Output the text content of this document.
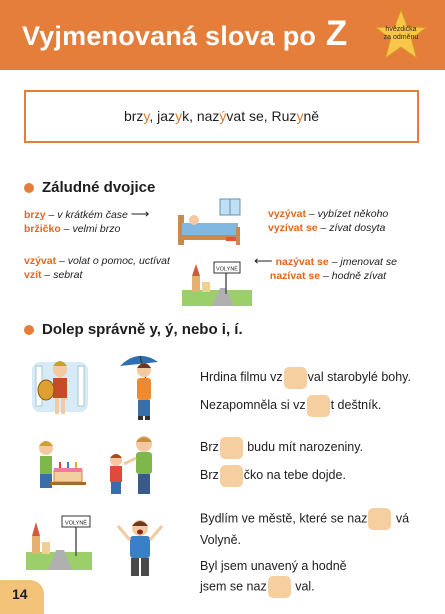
Vyjmenovaná slova po Z	hvězdička
za odměnu
brzy, jazyk, nazývat se, Ruzyně
Záludné dvojice
brzy – v krátkém čase ⟶
bržičko – velmi brzo
vyzývat – vybízet někoho
vyzívat se – zívat dosyta
vzývat – volat o pomoc, uctívat
vzít – sebrat
⟵ nazývat se – jmenovat se
nazívat se – hodně zívat
VOLYNĚ
Dolep správně y, ý, nebo i, í.
VOLYNĚ
Hrdina filmu vz val starobylé bohy.
Nezapomněla si vz t deštník.
Brz budu mít narozeniny.
Brz čko na tebe dojde.
Bydlím ve městě, které se naz vá
Volyně.
Byl jsem unavený a hodně
jsem se naz val.
14
